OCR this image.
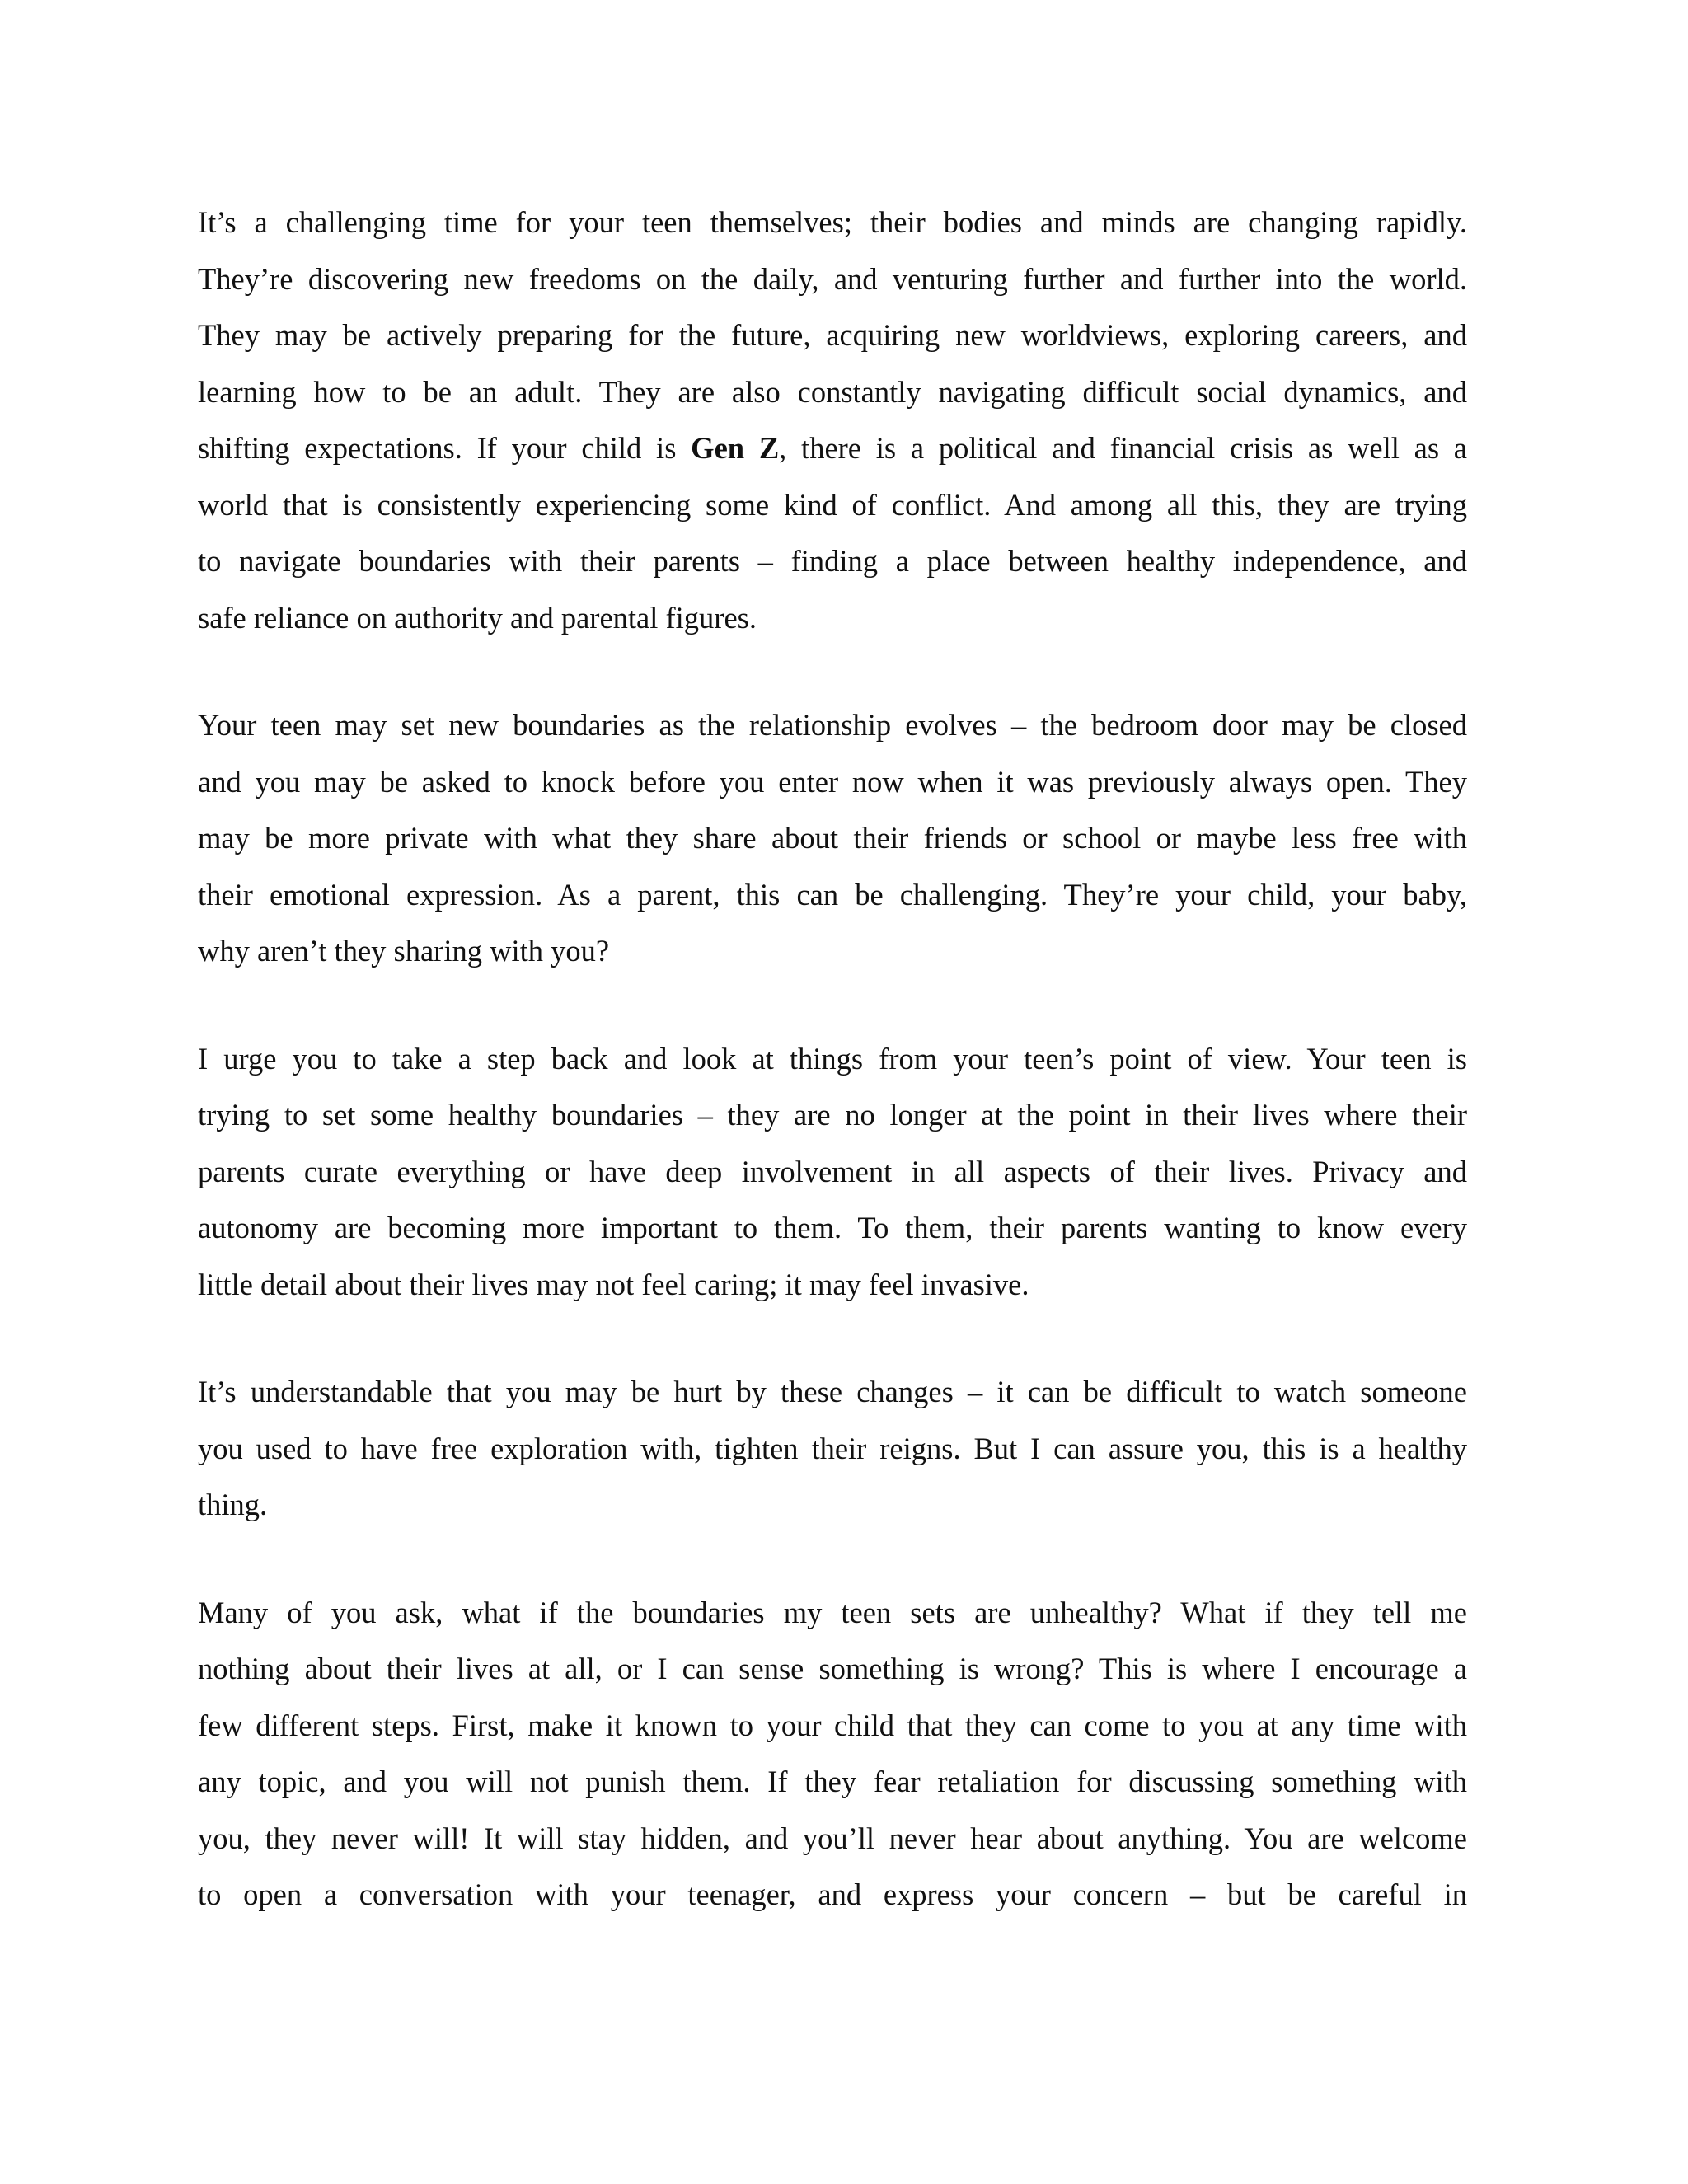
It’s a challenging time for your teen themselves; their bodies and minds are changing rapidly.
They’re discovering new freedoms on the daily, and venturing further and further into the world.
They may be actively preparing for the future, acquiring new worldviews, exploring careers, and
learning how to be an adult. They are also constantly navigating difficult social dynamics, and
shifting expectations. If your child is Gen Z, there is a political and financial crisis as well as a
world that is consistently experiencing some kind of conflict. And among all this, they are trying
to navigate boundaries with their parents – finding a place between healthy independence, and
safe reliance on authority and parental figures.
Your teen may set new boundaries as the relationship evolves – the bedroom door may be closed
and you may be asked to knock before you enter now when it was previously always open. They
may be more private with what they share about their friends or school or maybe less free with
their emotional expression. As a parent, this can be challenging. They’re your child, your baby,
why aren’t they sharing with you?
I urge you to take a step back and look at things from your teen’s point of view. Your teen is
trying to set some healthy boundaries – they are no longer at the point in their lives where their
parents curate everything or have deep involvement in all aspects of their lives. Privacy and
autonomy are becoming more important to them. To them, their parents wanting to know every
little detail about their lives may not feel caring; it may feel invasive.
It’s understandable that you may be hurt by these changes – it can be difficult to watch someone
you used to have free exploration with, tighten their reigns. But I can assure you, this is a healthy
thing.
Many of you ask, what if the boundaries my teen sets are unhealthy? What if they tell me
nothing about their lives at all, or I can sense something is wrong? This is where I encourage a
few different steps. First, make it known to your child that they can come to you at any time with
any topic, and you will not punish them. If they fear retaliation for discussing something with
you, they never will! It will stay hidden, and you’ll never hear about anything. You are welcome
to open a conversation with your teenager, and express your concern – but be careful in
